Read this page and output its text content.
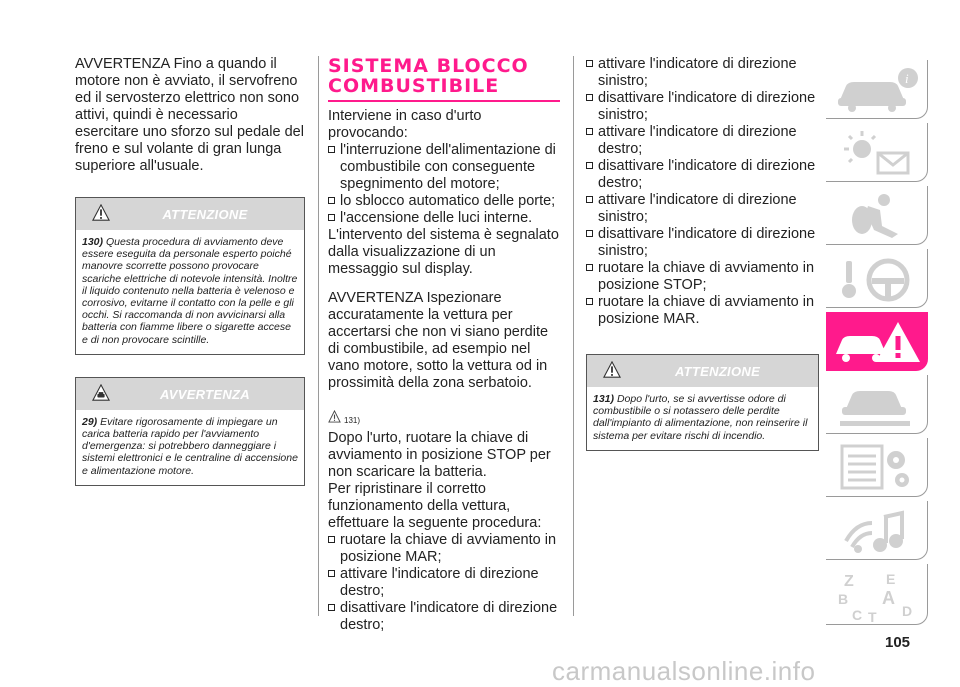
AVVERTENZA Fino a quando il motore non è avviato, il servofreno ed il servosterzo elettrico non sono attivi, quindi è necessario esercitare uno sforzo sul pedale del freno e sul volante di gran lunga superiore all'usuale.

ATTENZIONE
130) Questa procedura di avviamento deve essere eseguita da personale esperto poiché manovre scorrette possono provocare scariche elettriche di notevole intensità. Inoltre il liquido contenuto nella batteria è velenoso e corrosivo, evitarne il contatto con la pelle e gli occhi. Si raccomanda di non avvicinarsi alla batteria con fiamme libere o sigarette accese e di non provocare scintille.
AVVERTENZA
29) Evitare rigorosamente di impiegare un carica batteria rapido per l'avviamento d'emergenza: si potrebbero danneggiare i sistemi elettronici e le centraline di accensione e alimentazione motore.
SISTEMA BLOCCO
COMBUSTIBILE

Interviene in caso d'urto provocando:

l'interruzione dell'alimentazione di combustibile con conseguente spegnimento del motore;
lo sblocco automatico delle porte;
l'accensione delle luci interne.

L'intervento del sistema è segnalato dalla visualizzazione di un messaggio sul display.

AVVERTENZA Ispezionare accuratamente la vettura per accertarsi che non vi siano perdite di combustibile, ad esempio nel vano motore, sotto la vettura od in prossimità della zona serbatoio.

131)

Dopo l'urto, ruotare la chiave di avviamento in posizione STOP per non scaricare la batteria.

Per ripristinare il corretto funzionamento della vettura, effettuare la seguente procedura:

ruotare la chiave di avviamento in posizione MAR;
attivare l'indicatore di direzione destro;
disattivare l'indicatore di direzione destro;
attivare l'indicatore di direzione sinistro;
disattivare l'indicatore di direzione sinistro;
attivare l'indicatore di direzione destro;
disattivare l'indicatore di direzione destro;
attivare l'indicatore di direzione sinistro;
disattivare l'indicatore di direzione sinistro;
ruotare la chiave di avviamento in posizione STOP;
ruotare la chiave di avviamento in posizione MAR.
ATTENZIONE
131) Dopo l'urto, se si avvertisse odore di combustibile o si notassero delle perdite dall'impianto di alimentazione, non reinserire il sistema per evitare rischi di incendio.
i
Z E
B A
C T D
105
carmanualsonline.info
